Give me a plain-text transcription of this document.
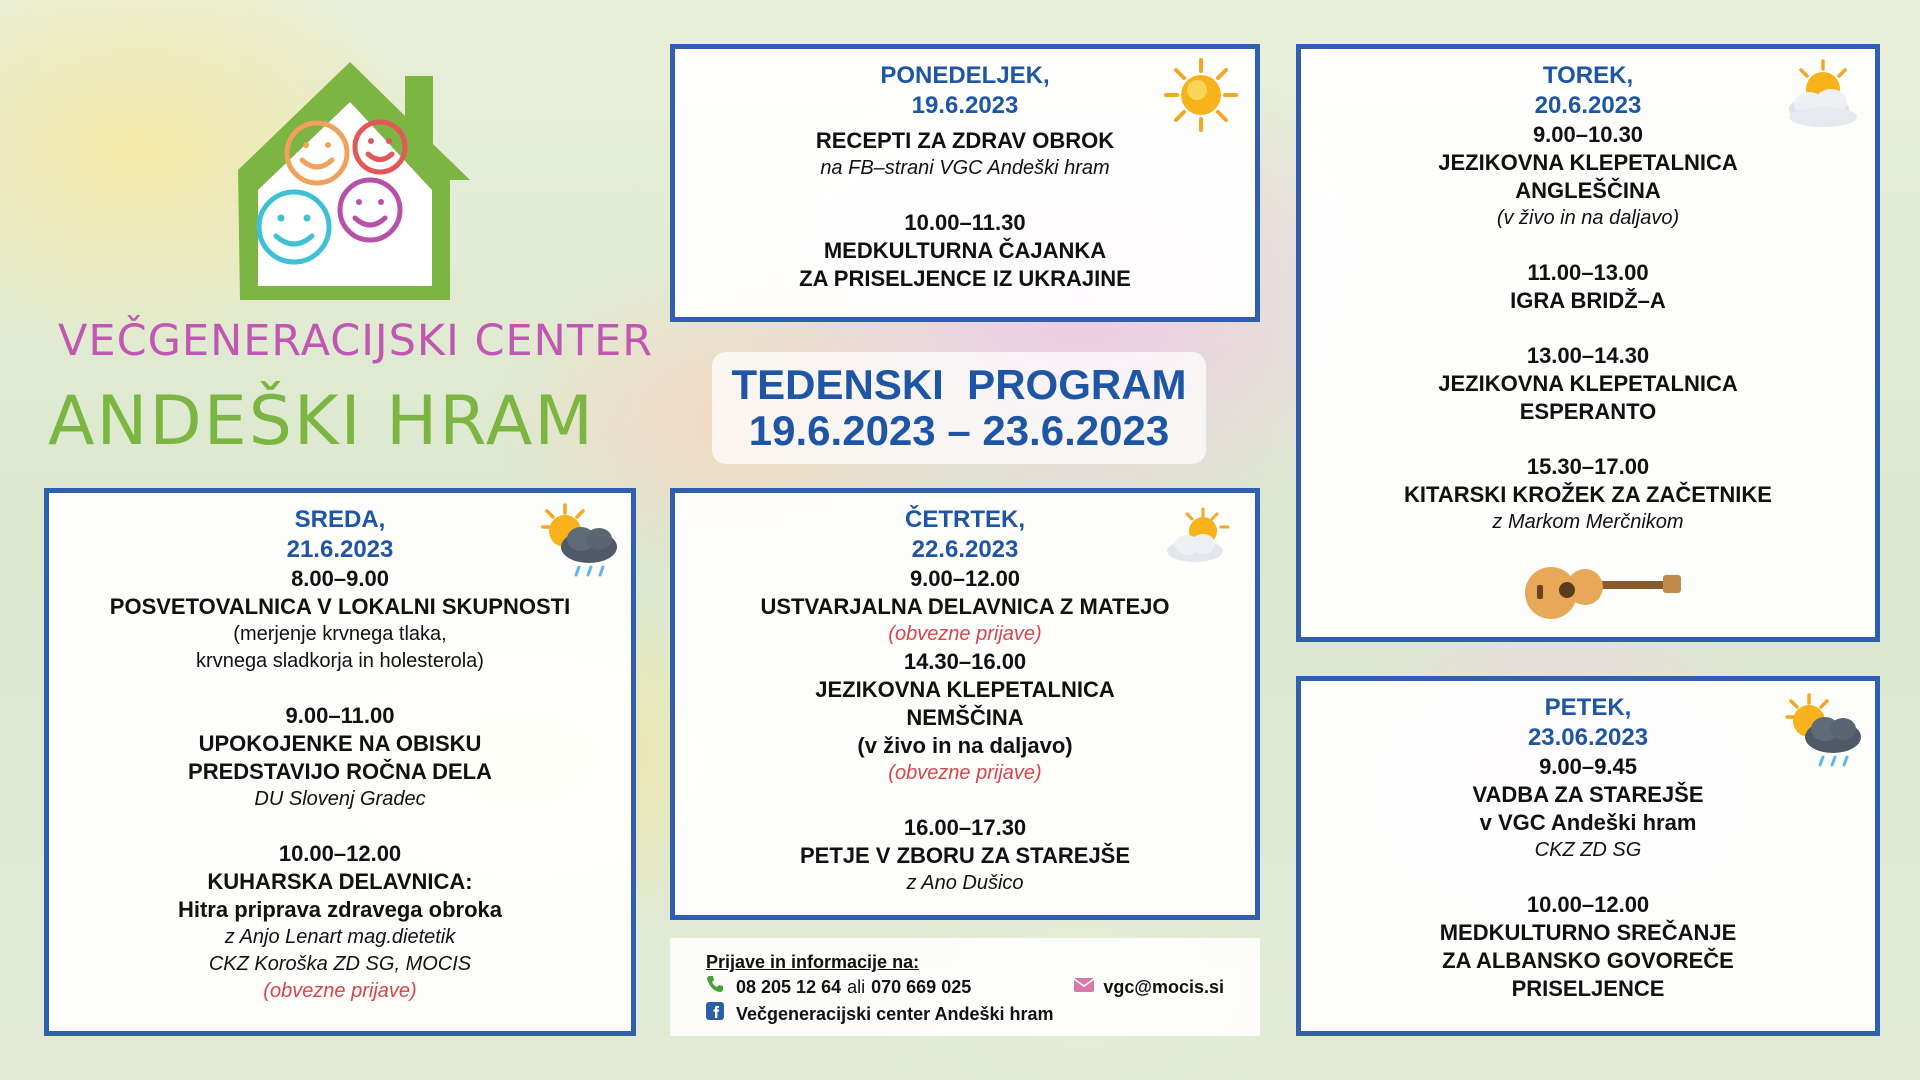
VEČGENERACIJSKI CENTER
ANDEŠKI HRAM
PONEDELJEK,
19.6.2023
RECEPTI ZA ZDRAV OBROK
na FB–strani VGC Andeški hram
10.00–11.30
MEDKULTURNA ČAJANKA
ZA PRISELJENCE IZ UKRAJINE
TEDENSKI  PROGRAM
19.6.2023 – 23.6.2023
TOREK,
20.6.2023
9.00–10.30
JEZIKOVNA KLEPETALNICA
ANGLEŠČINA
(v živo in na daljavo)
11.00–13.00
IGRA BRIDŽ–A
13.00–14.30
JEZIKOVNA KLEPETALNICA
ESPERANTO
15.30–17.00
KITARSKI KROŽEK ZA ZAČETNIKE
z Markom Merčnikom
SREDA,
21.6.2023
8.00–9.00
POSVETOVALNICA V LOKALNI SKUPNOSTI
(merjenje krvnega tlaka,
krvnega sladkorja in holesterola)
9.00–11.00
UPOKOJENKE NA OBISKU
PREDSTAVIJO ROČNA DELA
DU Slovenj Gradec
10.00–12.00
KUHARSKA DELAVNICA:
Hitra priprava zdravega obroka
z Anjo Lenart mag.dietetik
CKZ Koroška ZD SG, MOCIS
(obvezne prijave)
ČETRTEK,
22.6.2023
9.00–12.00
USTVARJALNA DELAVNICA Z MATEJO
(obvezne prijave)
14.30–16.00
JEZIKOVNA KLEPETALNICA
NEMŠČINA
(v živo in na daljavo)
(obvezne prijave)
16.00–17.30
PETJE V ZBORU ZA STAREJŠE
z Ano Dušico
PETEK,
23.06.2023
9.00–9.45
VADBA ZA STAREJŠE
v VGC Andeški hram
CKZ ZD SG
10.00–12.00
MEDKULTURNO SREČANJE
ZA ALBANSKO GOVOREČE
PRISELJENCE
Prijave in informacije na:
08 205 12 64 ali 070 669 025	vgc@mocis.si
Večgeneracijski center Andeški hram
